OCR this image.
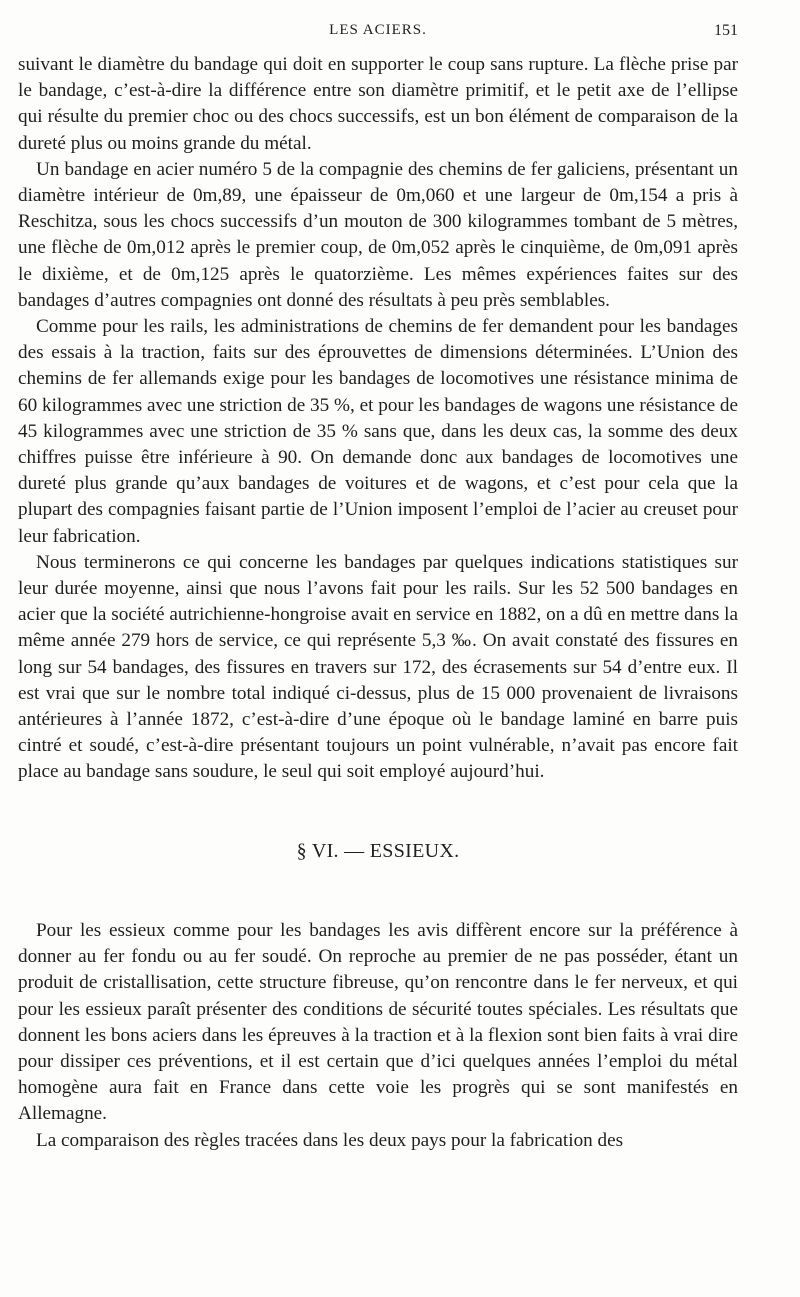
LES ACIERS.	151

suivant le diamètre du bandage qui doit en supporter le coup sans rupture. La flèche prise par le bandage, c’est-à-dire la différence entre son diamètre primitif, et le petit axe de l’ellipse qui résulte du premier choc ou des chocs successifs, est un bon élément de comparaison de la dureté plus ou moins grande du métal.

Un bandage en acier numéro 5 de la compagnie des chemins de fer galiciens, présentant un diamètre intérieur de 0m,89, une épaisseur de 0m,060 et une largeur de 0m,154 a pris à Reschitza, sous les chocs successifs d’un mouton de 300 kilogrammes tombant de 5 mètres, une flèche de 0m,012 après le premier coup, de 0m,052 après le cinquième, de 0m,091 après le dixième, et de 0m,125 après le quatorzième. Les mêmes expériences faites sur des bandages d’autres compagnies ont donné des résultats à peu près semblables.

Comme pour les rails, les administrations de chemins de fer demandent pour les bandages des essais à la traction, faits sur des éprouvettes de dimensions déterminées. L’Union des chemins de fer allemands exige pour les bandages de locomotives une résistance minima de 60 kilogrammes avec une striction de 35 %, et pour les bandages de wagons une résistance de 45 kilogrammes avec une striction de 35 % sans que, dans les deux cas, la somme des deux chiffres puisse être inférieure à 90. On demande donc aux bandages de locomotives une dureté plus grande qu’aux bandages de voitures et de wagons, et c’est pour cela que la plupart des compagnies faisant partie de l’Union imposent l’emploi de l’acier au creuset pour leur fabrication.

Nous terminerons ce qui concerne les bandages par quelques indications statistiques sur leur durée moyenne, ainsi que nous l’avons fait pour les rails. Sur les 52 500 bandages en acier que la société autrichienne-hongroise avait en service en 1882, on a dû en mettre dans la même année 279 hors de service, ce qui représente 5,3 ‰. On avait constaté des fissures en long sur 54 bandages, des fissures en travers sur 172, des écrasements sur 54 d’entre eux. Il est vrai que sur le nombre total indiqué ci-dessus, plus de 15 000 provenaient de livraisons antérieures à l’année 1872, c’est-à-dire d’une époque où le bandage laminé en barre puis cintré et soudé, c’est-à-dire présentant toujours un point vulnérable, n’avait pas encore fait place au bandage sans soudure, le seul qui soit employé aujourd’hui.

§ VI. — ESSIEUX.

Pour les essieux comme pour les bandages les avis diffèrent encore sur la préférence à donner au fer fondu ou au fer soudé. On reproche au premier de ne pas posséder, étant un produit de cristallisation, cette structure fibreuse, qu’on rencontre dans le fer nerveux, et qui pour les essieux paraît présenter des conditions de sécurité toutes spéciales. Les résultats que donnent les bons aciers dans les épreuves à la traction et à la flexion sont bien faits à vrai dire pour dissiper ces préventions, et il est certain que d’ici quelques années l’emploi du métal homogène aura fait en France dans cette voie les progrès qui se sont manifestés en Allemagne.

La comparaison des règles tracées dans les deux pays pour la fabrication des
